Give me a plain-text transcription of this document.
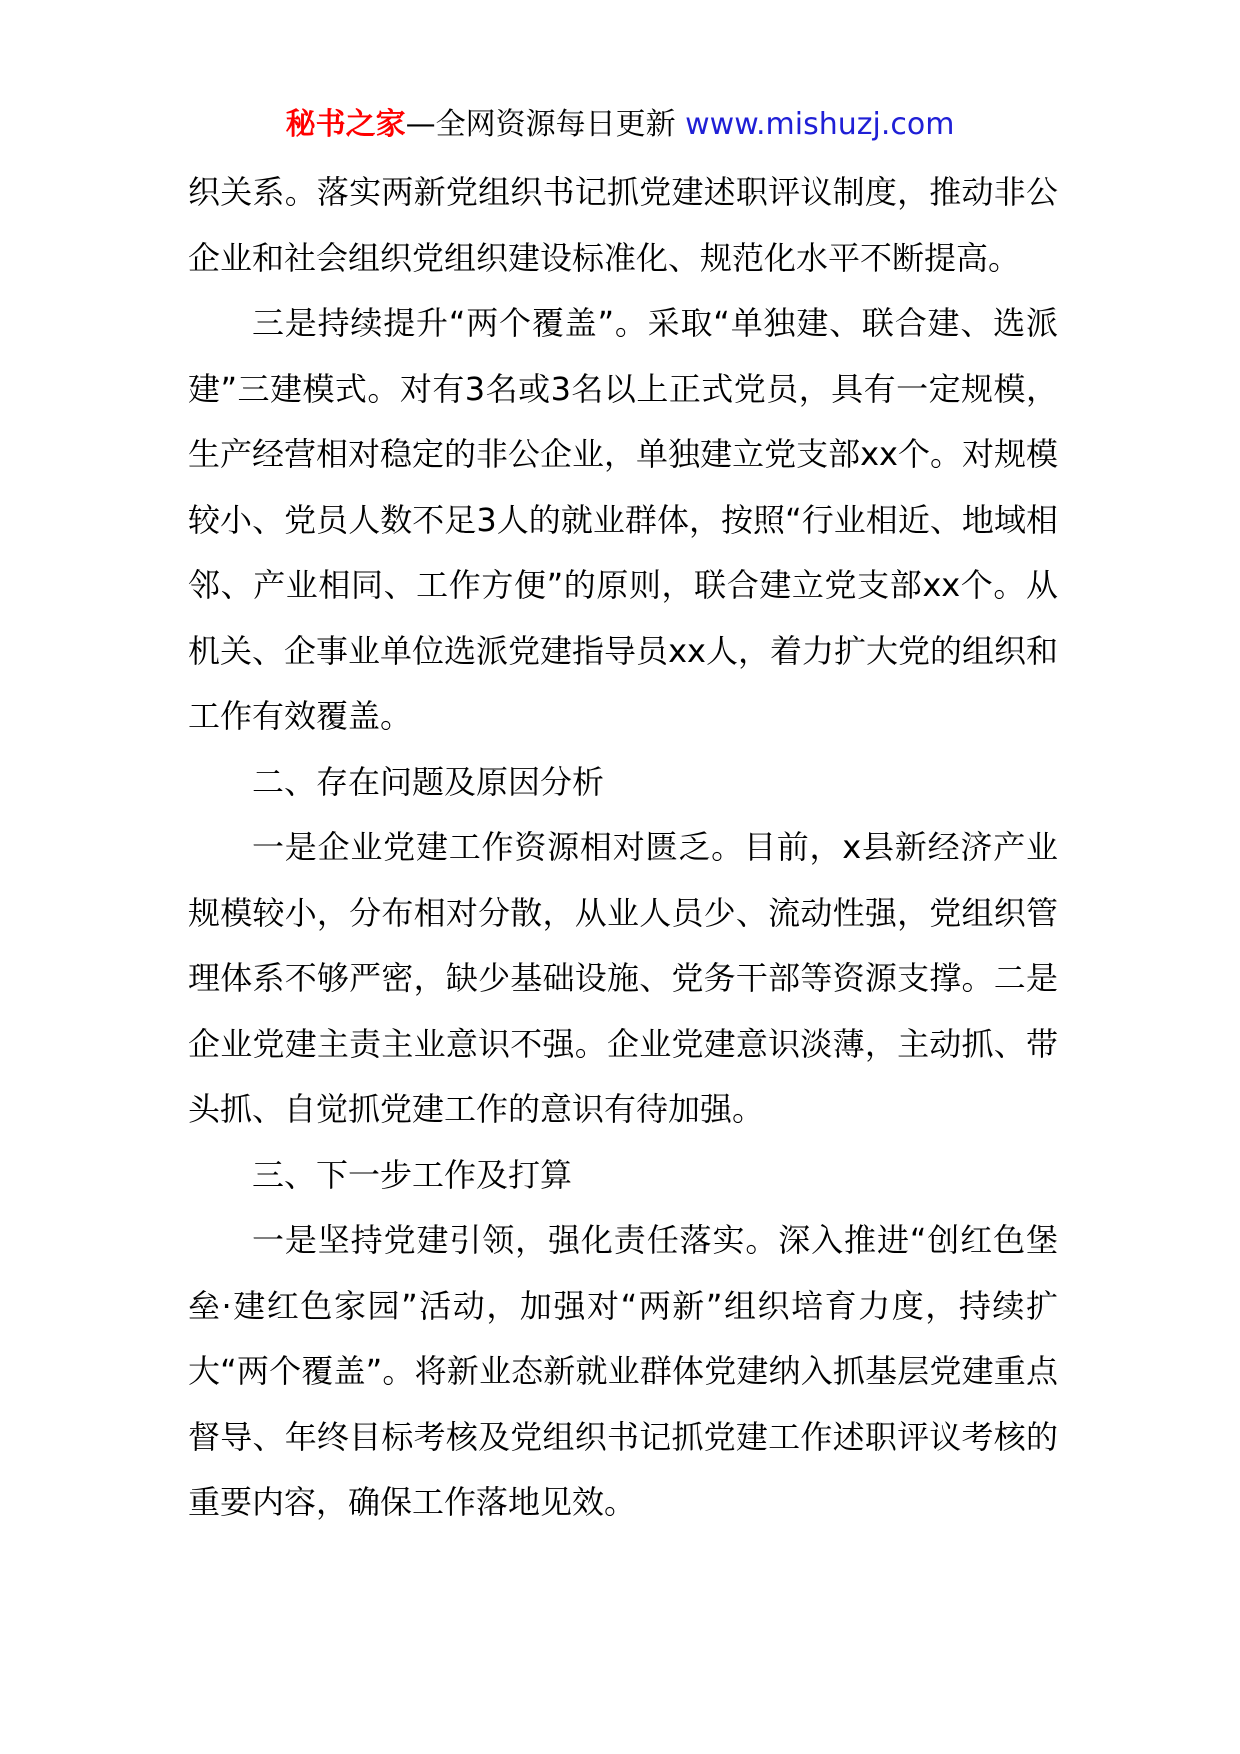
秘书之家—全网资源每日更新 www.mishuzj.com

织关系。落实两新党组织书记抓党建述职评议制度，推动非公企业和社会组织党组织建设标准化、规范化水平不断提高。

三是持续提升“两个覆盖”。采取“单独建、联合建、选派建”三建模式。对有3名或3名以上正式党员，具有一定规模，生产经营相对稳定的非公企业，单独建立党支部xx个。对规模较小、党员人数不足3人的就业群体，按照“行业相近、地域相邻、产业相同、工作方便”的原则，联合建立党支部xx个。从机关、企事业单位选派党建指导员xx人，着力扩大党的组织和工作有效覆盖。

二、存在问题及原因分析

一是企业党建工作资源相对匮乏。目前，x县新经济产业规模较小，分布相对分散，从业人员少、流动性强，党组织管理体系不够严密，缺少基础设施、党务干部等资源支撑。二是企业党建主责主业意识不强。企业党建意识淡薄，主动抓、带头抓、自觉抓党建工作的意识有待加强。

三、下一步工作及打算

一是坚持党建引领，强化责任落实。深入推进“创红色堡垒·建红色家园”活动，加强对“两新”组织培育力度，持续扩大“两个覆盖”。将新业态新就业群体党建纳入抓基层党建重点督导、年终目标考核及党组织书记抓党建工作述职评议考核的重要内容，确保工作落地见效。
